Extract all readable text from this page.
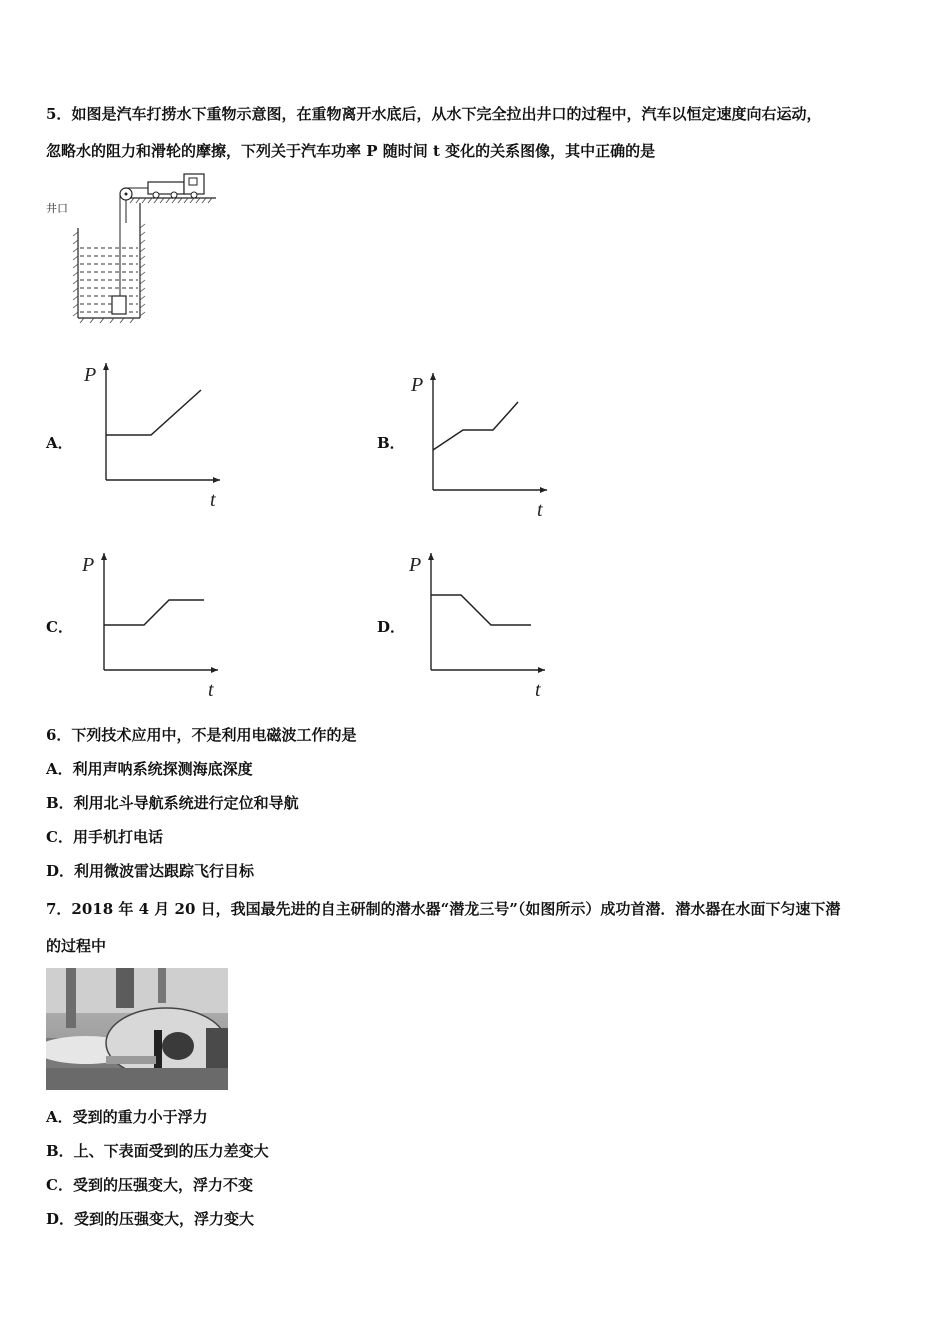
5．如图是汽车打捞水下重物示意图，在重物离开水底后，从水下完全拉出井口的过程中，汽车以恒定速度向右运动，
忽略水的阻力和滑轮的摩擦，下列关于汽车功率 P 随时间 t 变化的关系图像，其中正确的是
井口
A．
P
t
B．
P
t
C．
P
t
D．
P
t
6．下列技术应用中，不是利用电磁波工作的是
A．利用声呐系统探测海底深度
B．利用北斗导航系统进行定位和导航
C．用手机打电话
D．利用微波雷达跟踪飞行目标
7．2018 年 4 月 20 日，我国最先进的自主研制的潜水器“潜龙三号”（如图所示）成功首潜．潜水器在水面下匀速下潜
的过程中
A．受到的重力小于浮力
B．上、下表面受到的压力差变大
C．受到的压强变大，浮力不变
D．受到的压强变大，浮力变大
